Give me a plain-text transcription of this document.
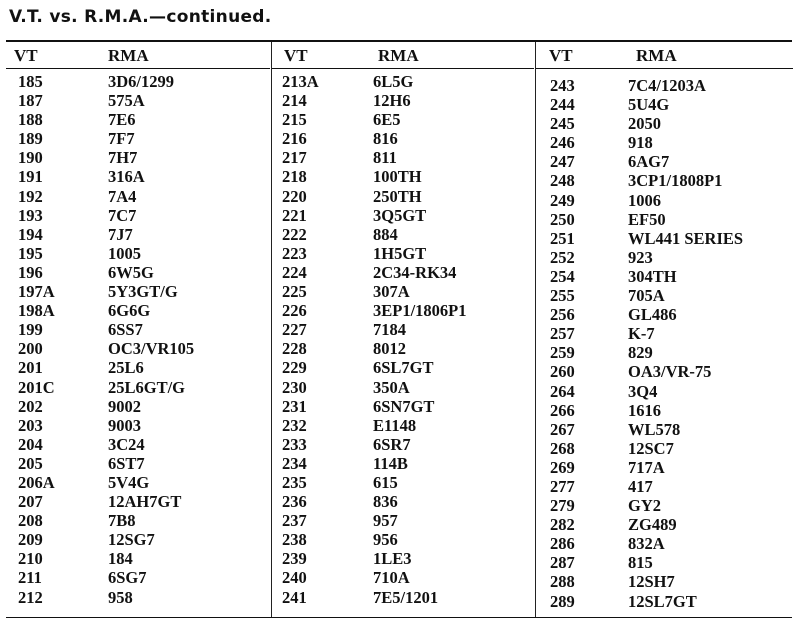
V.T. vs. R.M.A.—continued.
VT	RMA
185	3D6/1299
187	575A
188	7E6
189	7F7
190	7H7
191	316A
192	7A4
193	7C7
194	7J7
195	1005
196	6W5G
197A	5Y3GT/G
198A	6G6G
199	6SS7
200	OC3/VR105
201	25L6
201C	25L6GT/G
202	9002
203	9003
204	3C24
205	6ST7
206A	5V4G
207	12AH7GT
208	7B8
209	12SG7
210	184
211	6SG7
212	958
VT	RMA
213A	6L5G
214	12H6
215	6E5
216	816
217	811
218	100TH
220	250TH
221	3Q5GT
222	884
223	1H5GT
224	2C34-RK34
225	307A
226	3EP1/1806P1
227	7184
228	8012
229	6SL7GT
230	350A
231	6SN7GT
232	E1148
233	6SR7
234	114B
235	615
236	836
237	957
238	956
239	1LE3
240	710A
241	7E5/1201
VT	RMA
243	7C4/1203A
244	5U4G
245	2050
246	918
247	6AG7
248	3CP1/1808P1
249	1006
250	EF50
251	WL441 SERIES
252	923
254	304TH
255	705A
256	GL486
257	K-7
259	829
260	OA3/VR-75
264	3Q4
266	1616
267	WL578
268	12SC7
269	717A
277	417
279	GY2
282	ZG489
286	832A
287	815
288	12SH7
289	12SL7GT
